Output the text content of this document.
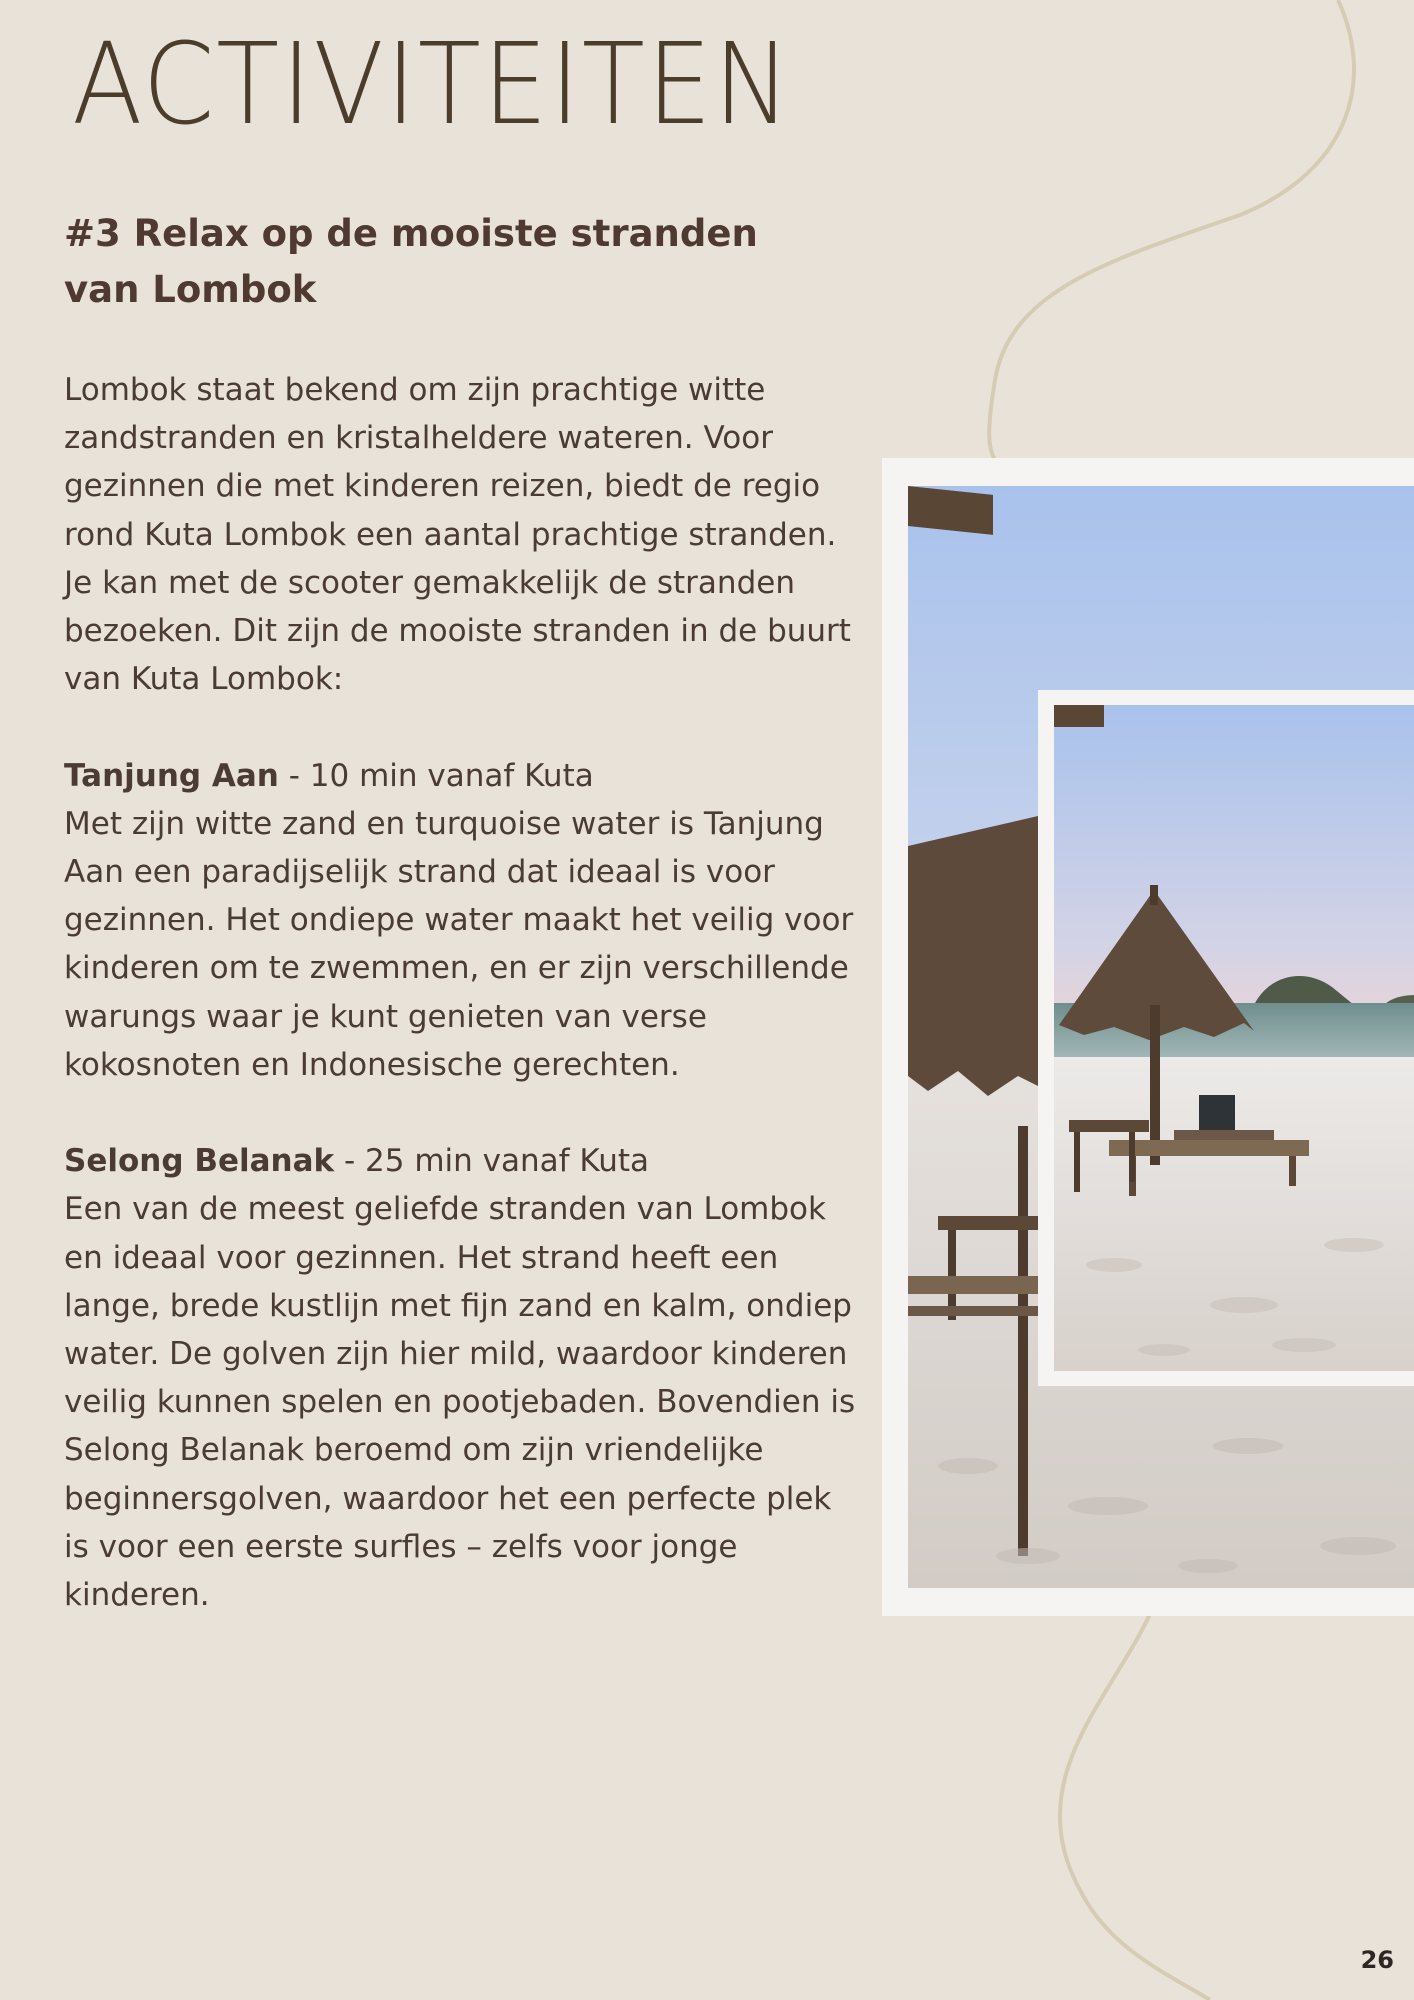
ACTIVITEITEN
#3 Relax op de mooiste stranden van Lombok

Lombok staat bekend om zijn prachtige witte

zandstranden en kristalheldere wateren. Voor

gezinnen die met kinderen reizen, biedt de regio

rond Kuta Lombok een aantal prachtige stranden.

Je kan met de scooter gemakkelijk de stranden

bezoeken. Dit zijn de mooiste stranden in de buurt

van Kuta Lombok:

Tanjung Aan - 10 min vanaf Kuta

Met zijn witte zand en turquoise water is Tanjung

Aan een paradijselijk strand dat ideaal is voor

gezinnen. Het ondiepe water maakt het veilig voor

kinderen om te zwemmen, en er zijn verschillende

warungs waar je kunt genieten van verse

kokosnoten en Indonesische gerechten.

Selong Belanak - 25 min vanaf Kuta

Een van de meest geliefde stranden van Lombok

en ideaal voor gezinnen. Het strand heeft een

lange, brede kustlijn met fijn zand en kalm, ondiep

water. De golven zijn hier mild, waardoor kinderen

veilig kunnen spelen en pootjebaden. Bovendien is

Selong Belanak beroemd om zijn vriendelijke

beginnersgolven, waardoor het een perfecte plek

is voor een eerste surfles – zelfs voor jonge

kinderen.

26
